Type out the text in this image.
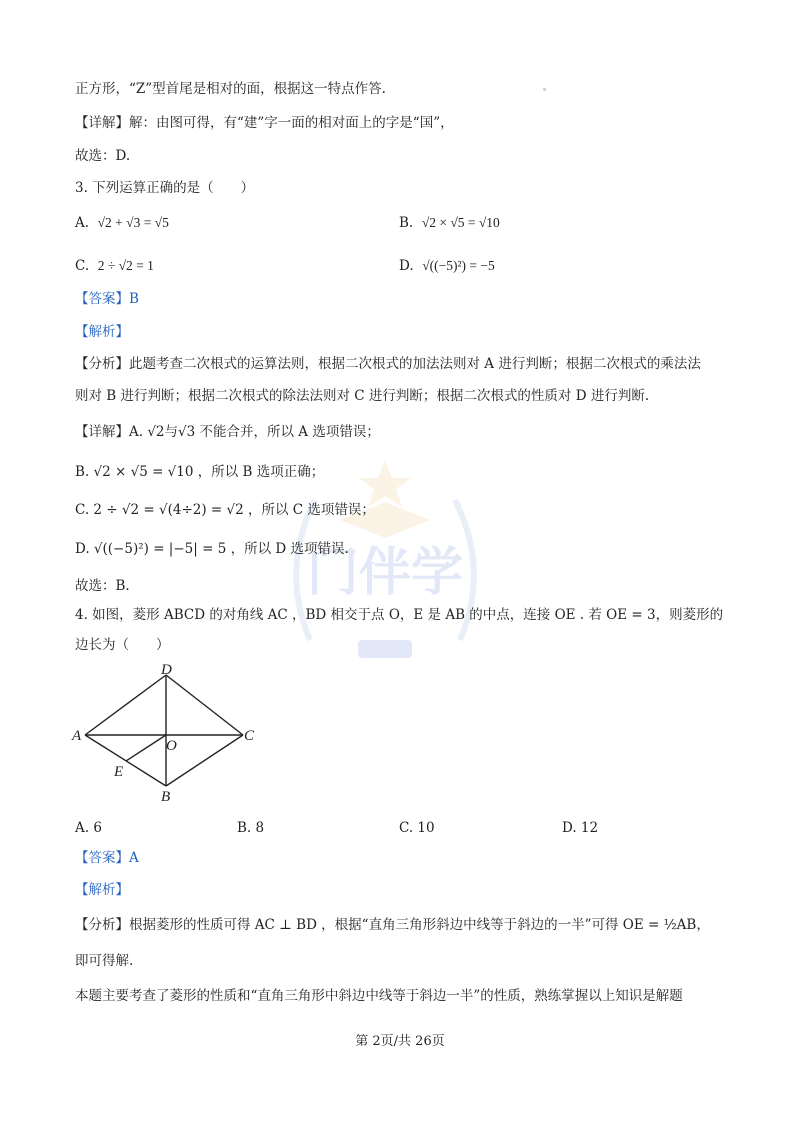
门伴学
正方形，“Z”型首尾是相对的面，根据这一特点作答.
【详解】解：由图可得，有“建”字一面的相对面上的字是“国”，
故选：D.
3. 下列运算正确的是（　　）
A. √2 + √3 = √5	B. √2 × √5 = √10
C. 2 ÷ √2 = 1	D. √((−5)²) = −5
【答案】B
【解析】
【分析】此题考查二次根式的运算法则，根据二次根式的加法法则对 A 进行判断；根据二次根式的乘法法
则对 B 进行判断；根据二次根式的除法法则对 C 进行判断；根据二次根式的性质对 D 进行判断.
【详解】A. √2与√3 不能合并，所以 A 选项错误；
B. √2 × √5 = √10 ，所以 B 选项正确；
C. 2 ÷ √2 = √(4÷2) = √2 ，所以 C 选项错误；
D. √((−5)²) = |−5| = 5 ，所以 D 选项错误.
故选：B.
4. 如图，菱形 ABCD 的对角线 AC ，BD 相交于点 O，E 是 AB 的中点，连接 OE . 若 OE = 3，则菱形的
边长为（　　）
A
D
C
B
O
E
A. 6	B. 8	C. 10	D. 12
【答案】A
【解析】
【分析】根据菱形的性质可得 AC ⊥ BD ，根据“直角三角形斜边中线等于斜边的一半”可得 OE = ½AB，
即可得解.
本题主要考查了菱形的性质和“直角三角形中斜边中线等于斜边一半”的性质，熟练掌握以上知识是解题
第 2页/共 26页
